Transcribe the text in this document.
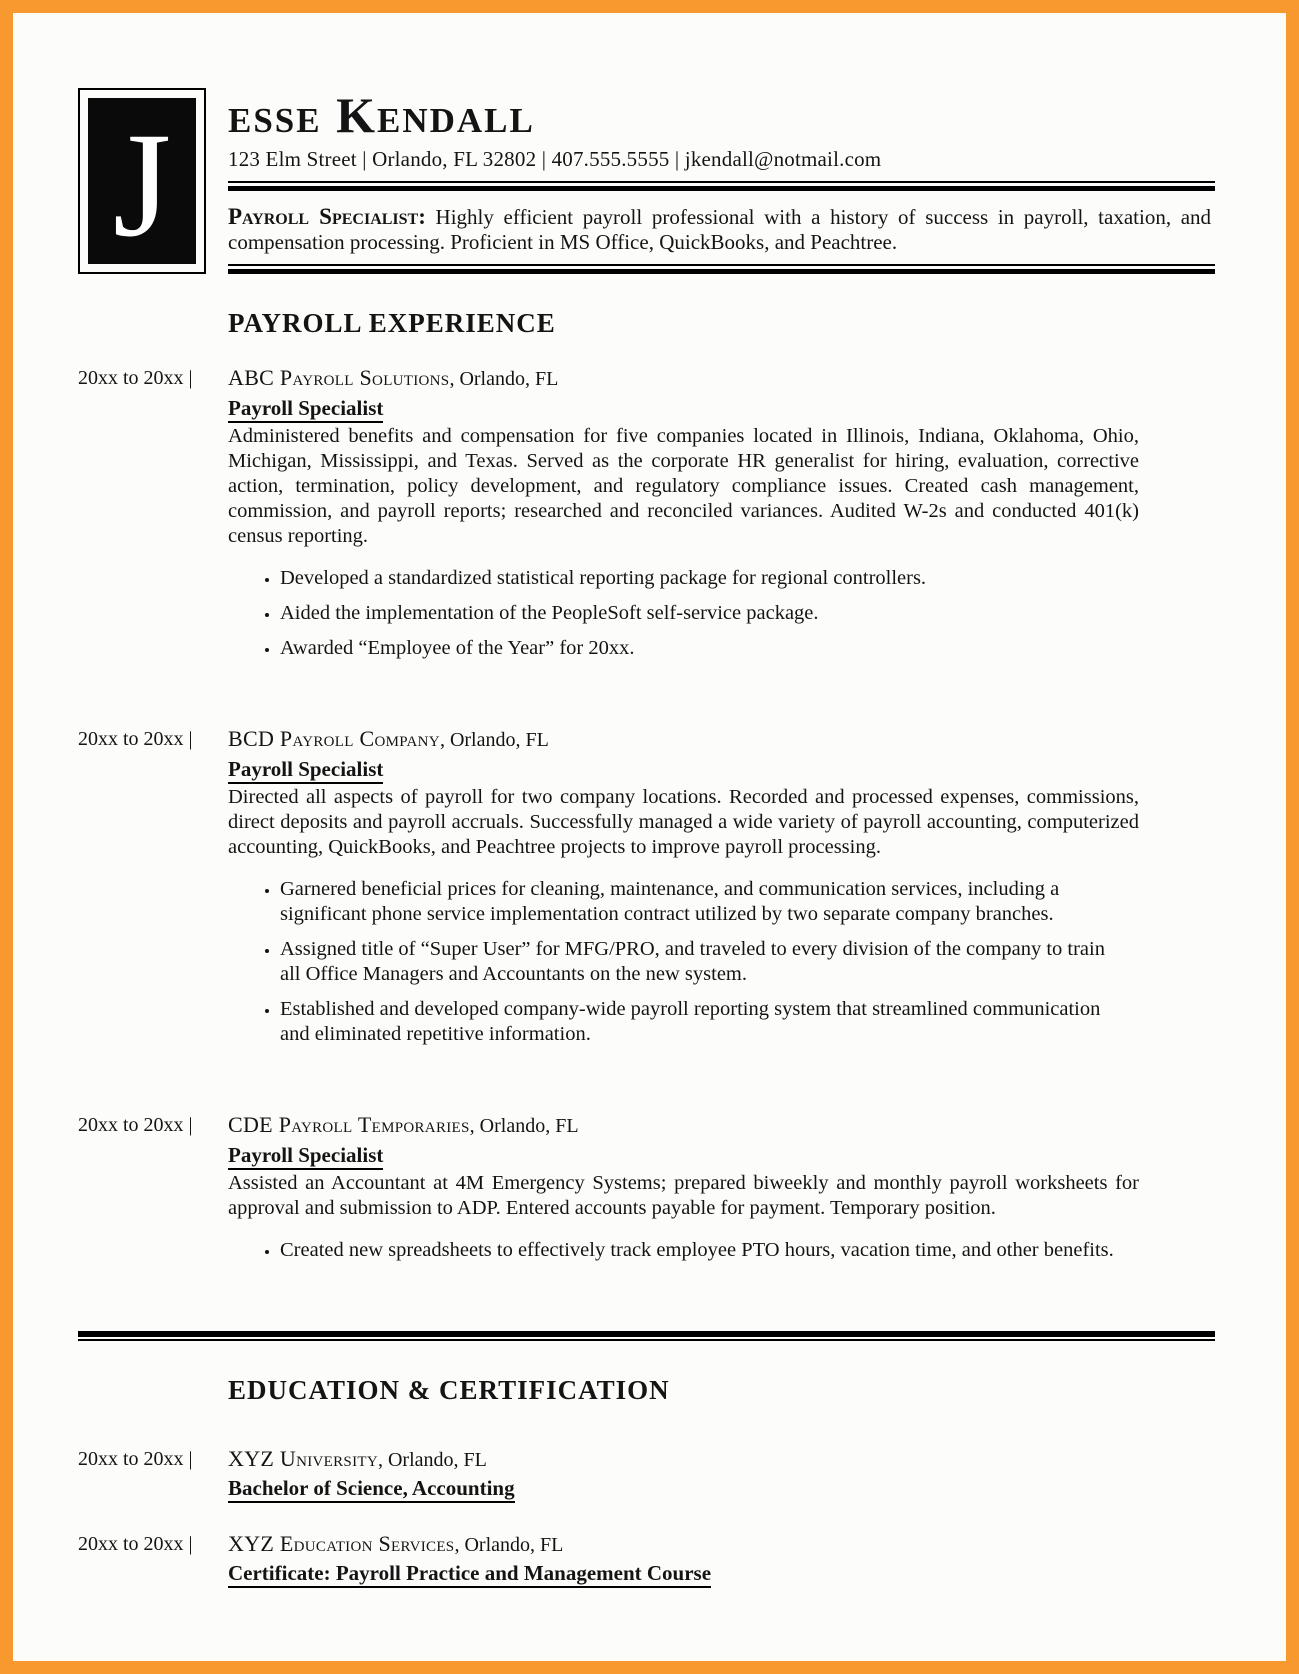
J esse Kendall
123 Elm Street | Orlando, FL 32802 | 407.555.5555 | jkendall@notmail.com

Payroll Specialist: Highly efficient payroll professional with a history of success in payroll, taxation, and compensation processing. Proficient in MS Office, QuickBooks, and Peachtree.

PAYROLL EXPERIENCE
20xx to 20xx |	ABC Payroll Solutions, Orlando, FL
Payroll Specialist

Administered benefits and compensation for five companies located in Illinois, Indiana, Oklahoma, Ohio, Michigan, Mississippi, and Texas. Served as the corporate HR generalist for hiring, evaluation, corrective action, termination, policy development, and regulatory compliance issues. Created cash management, commission, and payroll reports; researched and reconciled variances. Audited W-2s and conducted 401(k) census reporting.

• Developed a standardized statistical reporting package for regional controllers.
• Aided the implementation of the PeopleSoft self-service package.
• Awarded “Employee of the Year” for 20xx.
20xx to 20xx |	BCD Payroll Company, Orlando, FL
Payroll Specialist

Directed all aspects of payroll for two company locations. Recorded and processed expenses, commissions, direct deposits and payroll accruals. Successfully managed a wide variety of payroll accounting, computerized accounting, QuickBooks, and Peachtree projects to improve payroll processing.

• Garnered beneficial prices for cleaning, maintenance, and communication services, including a significant phone service implementation contract utilized by two separate company branches.
• Assigned title of “Super User” for MFG/PRO, and traveled to every division of the company to train all Office Managers and Accountants on the new system.
• Established and developed company-wide payroll reporting system that streamlined communication and eliminated repetitive information.
20xx to 20xx |	CDE Payroll Temporaries, Orlando, FL
Payroll Specialist

Assisted an Accountant at 4M Emergency Systems; prepared biweekly and monthly payroll worksheets for approval and submission to ADP. Entered accounts payable for payment. Temporary position.

• Created new spreadsheets to effectively track employee PTO hours, vacation time, and other benefits.
EDUCATION & CERTIFICATION
20xx to 20xx |	XYZ University, Orlando, FL
Bachelor of Science, Accounting
20xx to 20xx |	XYZ Education Services, Orlando, FL
Certificate: Payroll Practice and Management Course
